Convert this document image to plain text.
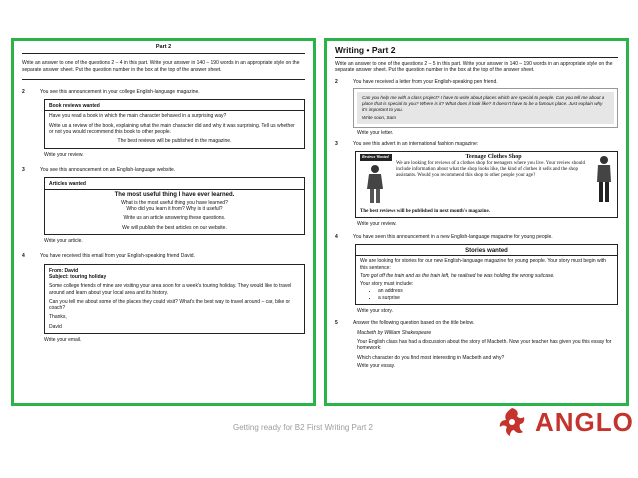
Part 2
Write an answer to one of the questions 2 – 4 in this part. Write your answer in 140 – 190 words in an appropriate style on the separate answer sheet. Put the question number in the box at the top of the answer sheet.
2	You see this announcement in your college English-language magazine.
Book reviews wanted
Have you read a book in which the main character behaved in a surprising way?
Write us a review of the book, explaining what the main character did and why it was surprising. Tell us whether or not you would recommend this book to other people.
The best reviews will be published in the magazine.
Write your review.
3	You see this announcement on an English-language website.
Articles wanted
The most useful thing I have ever learned.
What is the most useful thing you have learned?
Who did you learn it from? Why is it useful?
Write us an article answering these questions.
We will publish the best articles on our website.
Write your article.
4	You have received this email from your English-speaking friend David.
From: David
Subject: touring holiday
Some college friends of mine are visiting your area soon for a week's touring holiday. They would like to travel around and learn about your local area and its history.
Can you tell me about some of the places they could visit? What's the best way to travel around – car, bike or coach?
Thanks,
David
Write your email.
Writing • Part 2
Write an answer to one of the questions 2 – 5 in this part. Write your answer in 140 – 190 words in an appropriate style on the separate answer sheet. Put the question number in the box at the top of the answer sheet.
2	You have received a letter from your English-speaking pen friend.
Can you help me with a class project? I have to write about places which are special to people. Can you tell me about a place that is special to you? Where is it? What does it look like? It doesn't have to be a famous place. Just explain why it's important to you.
Write soon, Sam
Write your letter.
3	You see this advert in an international fashion magazine:
Reviews Wanted	Teenage Clothes Shop
We are looking for reviews of a clothes shop for teenagers where you live. Your review should include information about what the shop looks like, the kind of clothes it sells and the shop assistants. Would you recommend this shop to other people your age?
The best reviews will be published in next month's magazine.
Write your review.
4	You have seen this announcement in a new English-language magazine for young people.
Stories wanted
We are looking for stories for our new English-language magazine for young people. Your story must begin with this sentence:
Tom got off the train and as the train left, he realised he was holding the wrong suitcase.
Your story must include:
• an address
• a surprise
Write your story.
5	Answer the following question based on the title below.
Macbeth by William Shakespeare
Your English class has had a discussion about the story of Macbeth. Now your teacher has given you this essay for homework:
Which character do you find most interesting in Macbeth and why?
Write your essay.
Getting ready for B2 First Writing Part 2	ANGLO
